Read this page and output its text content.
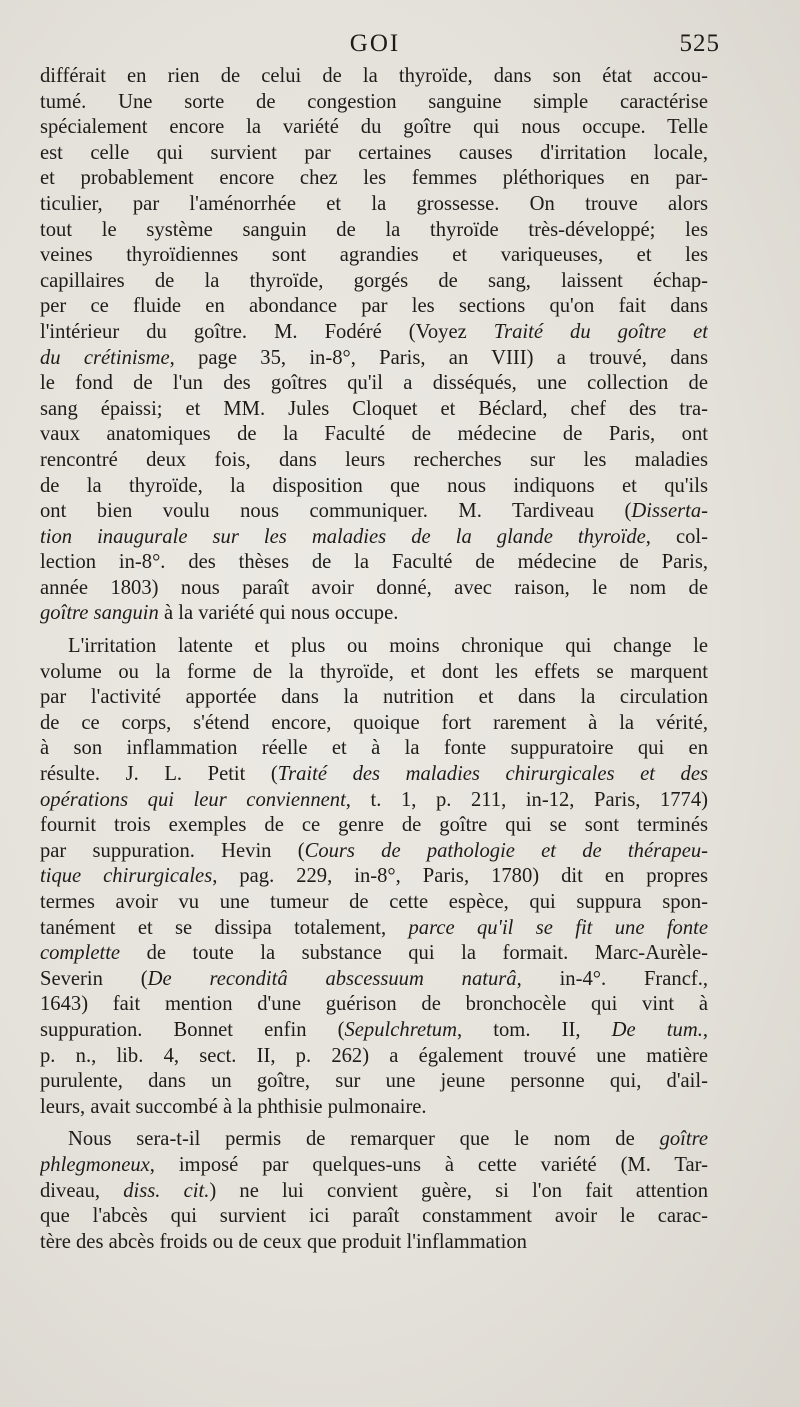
GOI	525
différait en rien de celui de la thyroïde, dans son état accou-
tumé. Une sorte de congestion sanguine simple caractérise
spécialement encore la variété du goître qui nous occupe. Telle
est celle qui survient par certaines causes d'irritation locale,
et probablement encore chez les femmes pléthoriques en par-
ticulier, par l'aménorrhée et la grossesse. On trouve alors
tout le système sanguin de la thyroïde très-développé; les
veines thyroïdiennes sont agrandies et variqueuses, et les
capillaires de la thyroïde, gorgés de sang, laissent échap-
per ce fluide en abondance par les sections qu'on fait dans
l'intérieur du goître. M. Fodéré (Voyez Traité du goître et
du crétinisme, page 35, in-8°, Paris, an VIII) a trouvé, dans
le fond de l'un des goîtres qu'il a disséqués, une collection de
sang épaissi; et MM. Jules Cloquet et Béclard, chef des tra-
vaux anatomiques de la Faculté de médecine de Paris, ont
rencontré deux fois, dans leurs recherches sur les maladies
de la thyroïde, la disposition que nous indiquons et qu'ils
ont bien voulu nous communiquer. M. Tardiveau (Disserta-
tion inaugurale sur les maladies de la glande thyroïde, col-
lection in-8°. des thèses de la Faculté de médecine de Paris,
année 1803) nous paraît avoir donné, avec raison, le nom de
goître sanguin à la variété qui nous occupe.
L'irritation latente et plus ou moins chronique qui change le
volume ou la forme de la thyroïde, et dont les effets se marquent
par l'activité apportée dans la nutrition et dans la circulation
de ce corps, s'étend encore, quoique fort rarement à la vérité,
à son inflammation réelle et à la fonte suppuratoire qui en
résulte. J. L. Petit (Traité des maladies chirurgicales et des
opérations qui leur conviennent, t. 1, p. 211, in-12, Paris, 1774)
fournit trois exemples de ce genre de goître qui se sont terminés
par suppuration. Hevin (Cours de pathologie et de thérapeu-
tique chirurgicales, pag. 229, in-8°, Paris, 1780) dit en propres
termes avoir vu une tumeur de cette espèce, qui suppura spon-
tanément et se dissipa totalement, parce qu'il se fit une fonte
complette de toute la substance qui la formait. Marc-Aurèle-
Severin (De reconditâ abscessuum naturâ, in-4°. Francf.,
1643) fait mention d'une guérison de bronchocèle qui vint à
suppuration. Bonnet enfin (Sepulchretum, tom. II, De tum.,
p. n., lib. 4, sect. II, p. 262) a également trouvé une matière
purulente, dans un goître, sur une jeune personne qui, d'ail-
leurs, avait succombé à la phthisie pulmonaire.
Nous sera-t-il permis de remarquer que le nom de goître
phlegmoneux, imposé par quelques-uns à cette variété (M. Tar-
diveau, diss. cit.) ne lui convient guère, si l'on fait attention
que l'abcès qui survient ici paraît constamment avoir le carac-
tère des abcès froids ou de ceux que produit l'inflammation
